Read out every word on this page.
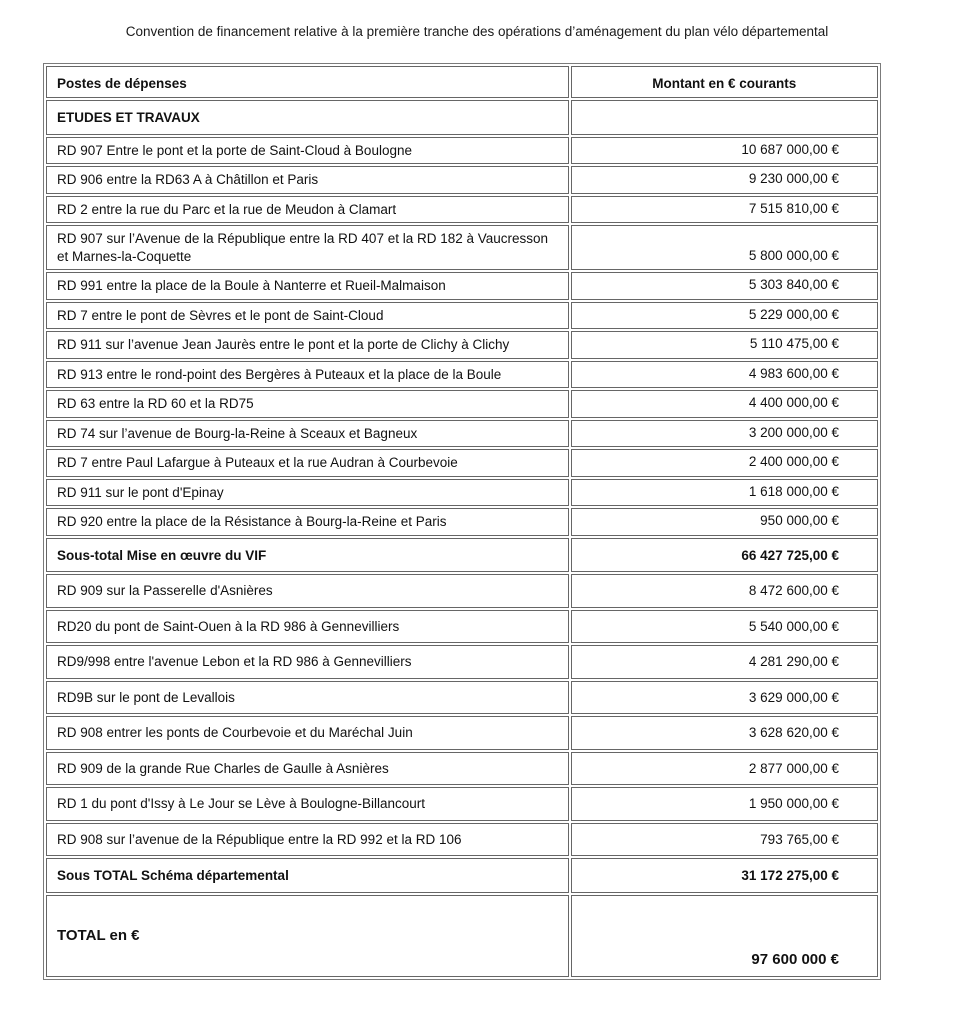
Convention de financement relative à la première tranche des opérations d’aménagement du plan vélo départemental
Postes de dépenses	Montant en € courants
ETUDES ET TRAVAUX	
RD 907 Entre le pont et la porte de Saint-Cloud à Boulogne	10 687 000,00 €
RD 906 entre la RD63 A à Châtillon et Paris	9 230 000,00 €
RD 2 entre la rue du Parc et la rue de Meudon à Clamart	7 515 810,00 €
RD 907 sur l’Avenue de la République entre la RD 407 et la RD 182 à Vaucresson et Marnes-la-Coquette	5 800 000,00 €
RD 991 entre la place de la Boule à Nanterre et Rueil-Malmaison	5 303 840,00 €
RD 7 entre le pont de Sèvres et le pont de Saint-Cloud	5 229 000,00 €
RD 911 sur l’avenue Jean Jaurès entre le pont et la porte de Clichy à Clichy	5 110 475,00 €
RD 913 entre le rond-point des Bergères à Puteaux et la place de la Boule	4 983 600,00 €
RD 63 entre la RD 60 et la RD75	4 400 000,00 €
RD 74 sur l’avenue de Bourg-la-Reine à Sceaux et Bagneux	3 200 000,00 €
RD 7 entre Paul Lafargue à Puteaux et la rue Audran à Courbevoie	2 400 000,00 €
RD 911 sur le pont d'Epinay	1 618 000,00 €
RD 920 entre la place de la Résistance à Bourg-la-Reine et Paris	950 000,00 €
Sous-total Mise en œuvre du VIF	66 427 725,00 €
RD 909 sur la Passerelle d'Asnières	8 472 600,00 €
RD20 du pont de Saint-Ouen à la RD 986 à Gennevilliers	5 540 000,00 €
RD9/998 entre l'avenue Lebon et la RD 986 à Gennevilliers	4 281 290,00 €
RD9B sur le pont de Levallois	3 629 000,00 €
RD 908 entrer les ponts de Courbevoie et du Maréchal Juin	3 628 620,00 €
RD 909 de la grande Rue Charles de Gaulle à Asnières	2 877 000,00 €
RD 1 du pont d'Issy à Le Jour se Lève à Boulogne-Billancourt	1 950 000,00 €
RD 908 sur l’avenue de la République entre la RD 992 et la RD 106	793 765,00 €
Sous TOTAL Schéma départemental	31 172 275,00 €
TOTAL en €	97 600 000 €
